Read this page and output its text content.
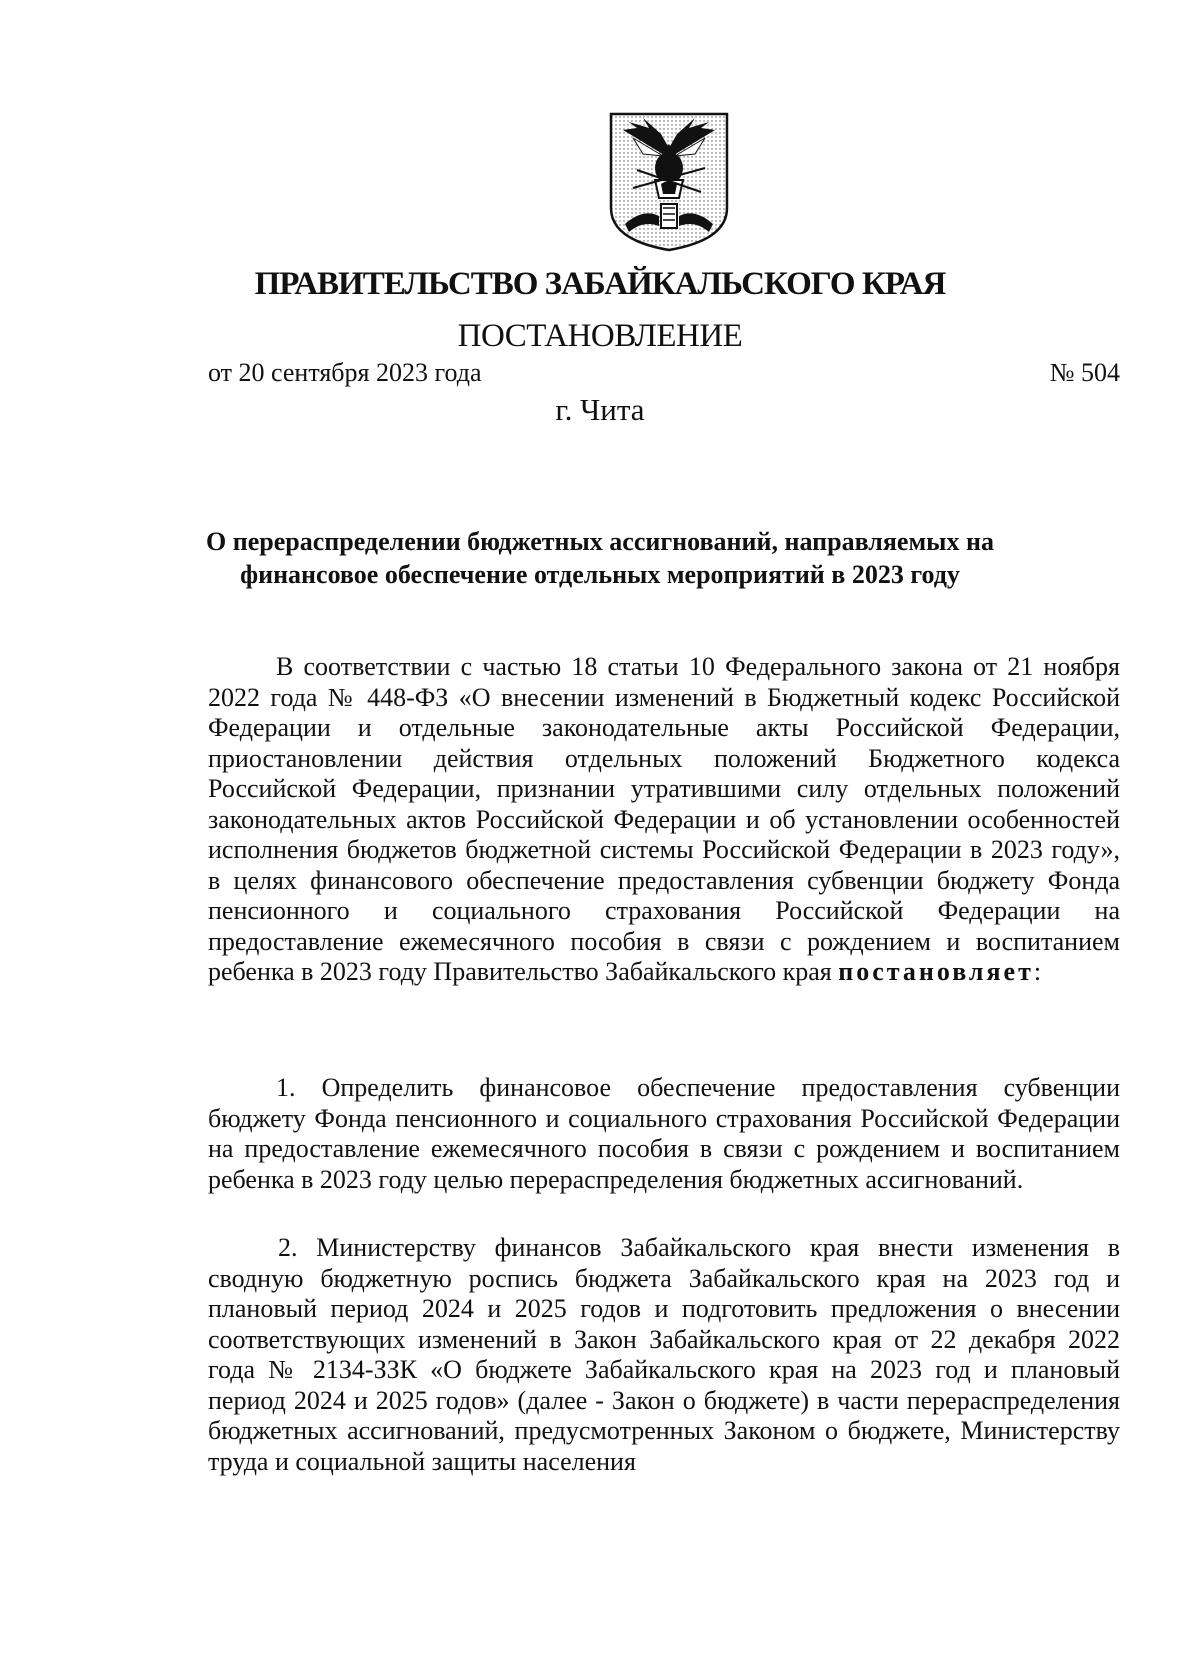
ПРАВИТЕЛЬСТВО ЗАБАЙКАЛЬСКОГО КРАЯ
ПОСТАНОВЛЕНИЕ
от 20 сентября 2023 года	№ 504
г. Чита
О перераспределении бюджетных ассигнований, направляемых на
финансовое обеспечение отдельных мероприятий в 2023 году
В соответствии с частью 18 статьи 10 Федерального закона от 21 ноября 2022 года № 448-ФЗ «О внесении изменений в Бюджетный кодекс Российской Федерации и отдельные законодательные акты Российской Федерации, приостановлении действия отдельных положений Бюджетного кодекса Российской Федерации, признании утратившими силу отдельных положений законодательных актов Российской Федерации и об установлении особенностей исполнения бюджетов бюджетной системы Российской Федерации в 2023 году», в целях финансового обеспечение предоставления субвенции бюджету Фонда пенсионного и социального страхования Российской Федерации на предоставление ежемесячного пособия в связи с рождением и воспитанием ребенка в 2023 году Правительство Забайкальского края постановляет:
1. Определить финансовое обеспечение предоставления субвенции бюджету Фонда пенсионного и социального страхования Российской Федерации на предоставление ежемесячного пособия в связи с рождением и воспитанием ребенка в 2023 году целью перераспределения бюджетных ассигнований.
2. Министерству финансов Забайкальского края внести изменения в сводную бюджетную роспись бюджета Забайкальского края на 2023 год и плановый период 2024 и 2025 годов и подготовить предложения о внесении соответствующих изменений в Закон Забайкальского края от 22 декабря 2022 года № 2134-ЗЗК «О бюджете Забайкальского края на 2023 год и плановый период 2024 и 2025 годов» (далее - Закон о бюджете) в части перераспределения бюджетных ассигнований, предусмотренных Законом о бюджете, Министерству труда и социальной защиты населения
